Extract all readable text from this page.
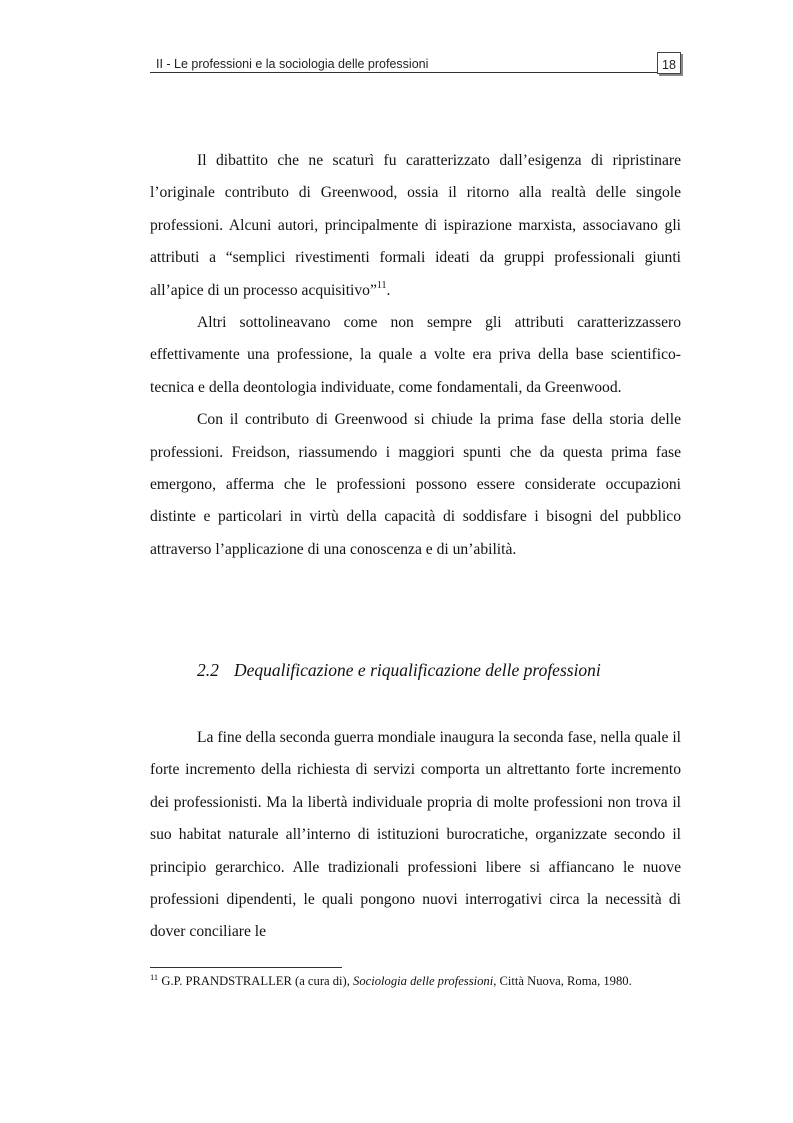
II - Le professioni e la sociologia delle professioni	18

Il dibattito che ne scaturì fu caratterizzato dall’esigenza di ripristinare l’originale contributo di Greenwood, ossia il ritorno alla realtà delle singole professioni. Alcuni autori, principalmente di ispirazione marxista, associavano gli attributi a “semplici rivestimenti formali ideati da gruppi professionali giunti all’apice di un processo acquisitivo”$^{11}$.

Altri sottolineavano come non sempre gli attributi caratterizzassero effettivamente una professione, la quale a volte era priva della base scientifico-tecnica e della deontologia individuate, come fondamentali, da Greenwood.

Con il contributo di Greenwood si chiude la prima fase della storia delle professioni. Freidson, riassumendo i maggiori spunti che da questa prima fase emergono, afferma che le professioni possono essere considerate occupazioni distinte e particolari in virtù della capacità di soddisfare i bisogni del pubblico attraverso l’applicazione di una conoscenza e di un’abilità.

2.2 Dequalificazione e riqualificazione delle professioni

La fine della seconda guerra mondiale inaugura la seconda fase, nella quale il forte incremento della richiesta di servizi comporta un altrettanto forte incremento dei professionisti. Ma la libertà individuale propria di molte professioni non trova il suo habitat naturale all’interno di istituzioni burocratiche, organizzate secondo il principio gerarchico. Alle tradizionali professioni libere si affiancano le nuove professioni dipendenti, le quali pongono nuovi interrogativi circa la necessità di dover conciliare le

$^{11}$ G.P. PRANDSTRALLER (a cura di), Sociologia delle professioni, Città Nuova, Roma, 1980.
